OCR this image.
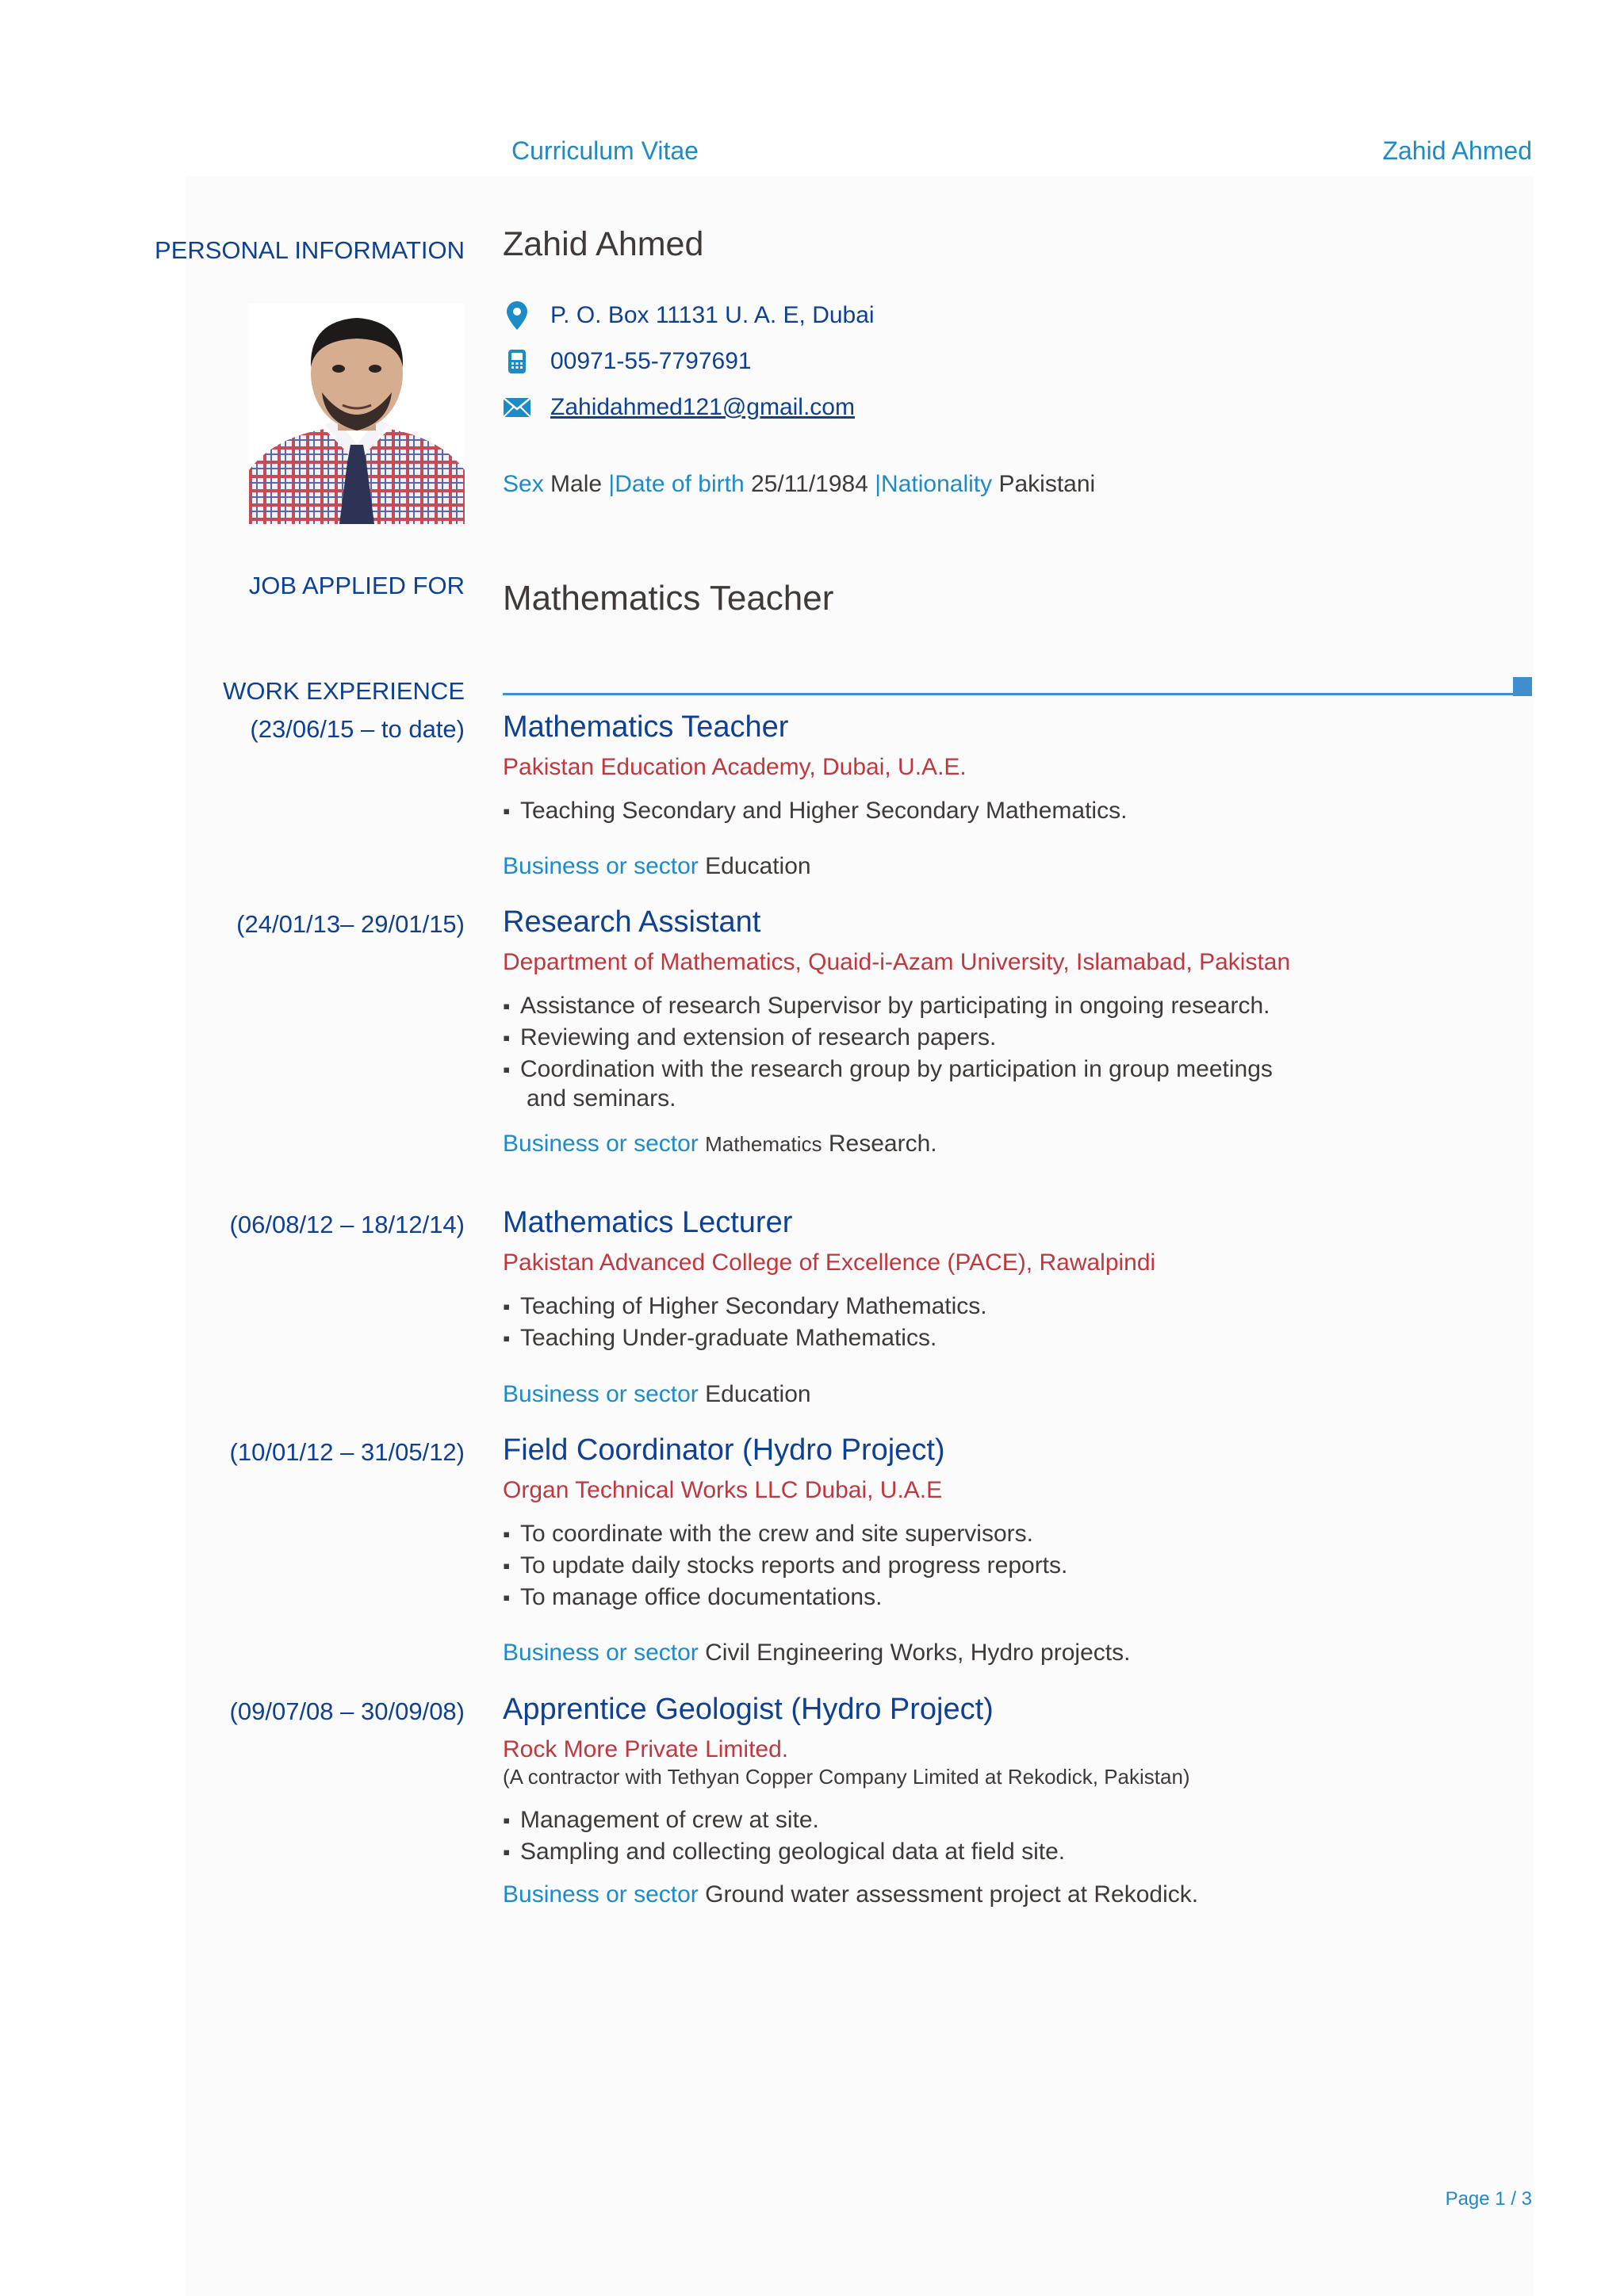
Curriculum Vitae	Zahid Ahmed
PERSONAL INFORMATION Zahid Ahmed
P. O. Box 11131 U. A. E, Dubai
00971-55-7797691
Zahidahmed121@gmail.com
Sex Male |Date of birth 25/11/1984 |Nationality Pakistani
JOB APPLIED FOR Mathematics Teacher
WORK EXPERIENCE
(23/06/15 – to date) Mathematics Teacher
Pakistan Education Academy, Dubai, U.A.E.
▪ Teaching Secondary and Higher Secondary Mathematics.
Business or sector Education
(24/01/13– 29/01/15) Research Assistant
Department of Mathematics, Quaid-i-Azam University, Islamabad, Pakistan
▪ Assistance of research Supervisor by participating in ongoing research.
▪ Reviewing and extension of research papers.
▪ Coordination with the research group by participation in group meetings
and seminars.
Business or sector Mathematics Research.
(06/08/12 – 18/12/14) Mathematics Lecturer
Pakistan Advanced College of Excellence (PACE), Rawalpindi
▪ Teaching of Higher Secondary Mathematics.
▪ Teaching Under-graduate Mathematics.
Business or sector Education
(10/01/12 – 31/05/12) Field Coordinator (Hydro Project)
Organ Technical Works LLC Dubai, U.A.E
▪ To coordinate with the crew and site supervisors.
▪ To update daily stocks reports and progress reports.
▪ To manage office documentations.
Business or sector Civil Engineering Works, Hydro projects.
(09/07/08 – 30/09/08) Apprentice Geologist (Hydro Project)
Rock More Private Limited.
(A contractor with Tethyan Copper Company Limited at Rekodick, Pakistan)
▪ Management of crew at site.
▪ Sampling and collecting geological data at field site.
Business or sector Ground water assessment project at Rekodick.
Page 1 / 3
